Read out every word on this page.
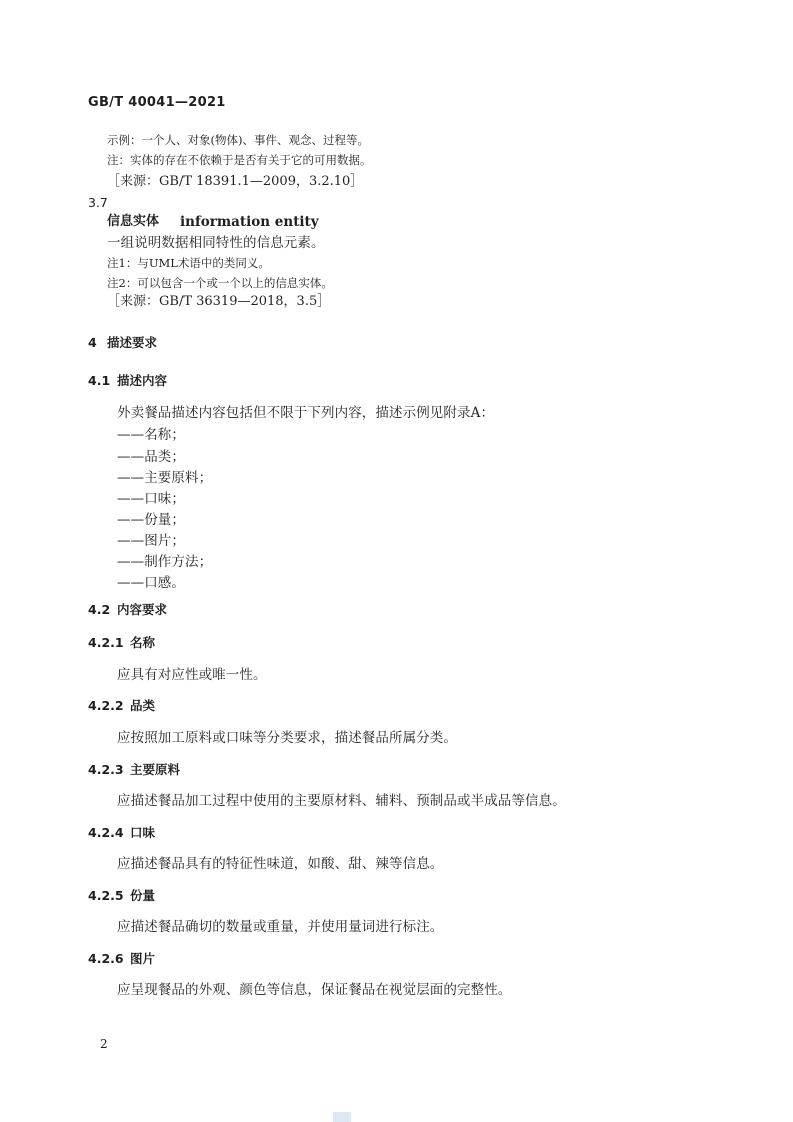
GB/T 40041—2021
示例：一个人、对象(物体)、事件、观念、过程等。
注：实体的存在不依赖于是否有关于它的可用数据。
［来源：GB/T 18391.1—2009，3.2.10］
3.7
信息实体 information entity
一组说明数据相同特性的信息元素。
注1：与UML术语中的类同义。
注2：可以包含一个或一个以上的信息实体。
［来源：GB/T 36319—2018，3.5］
4 描述要求
4.1 描述内容
外卖餐品描述内容包括但不限于下列内容，描述示例见附录A：
——名称；
——品类；
——主要原料；
——口味；
——份量；
——图片；
——制作方法；
——口感。
4.2 内容要求
4.2.1 名称
应具有对应性或唯一性。
4.2.2 品类
应按照加工原料或口味等分类要求，描述餐品所属分类。
4.2.3 主要原料
应描述餐品加工过程中使用的主要原材料、辅料、预制品或半成品等信息。
4.2.4 口味
应描述餐品具有的特征性味道，如酸、甜、辣等信息。
4.2.5 份量
应描述餐品确切的数量或重量，并使用量词进行标注。
4.2.6 图片
应呈现餐品的外观、颜色等信息，保证餐品在视觉层面的完整性。
2
